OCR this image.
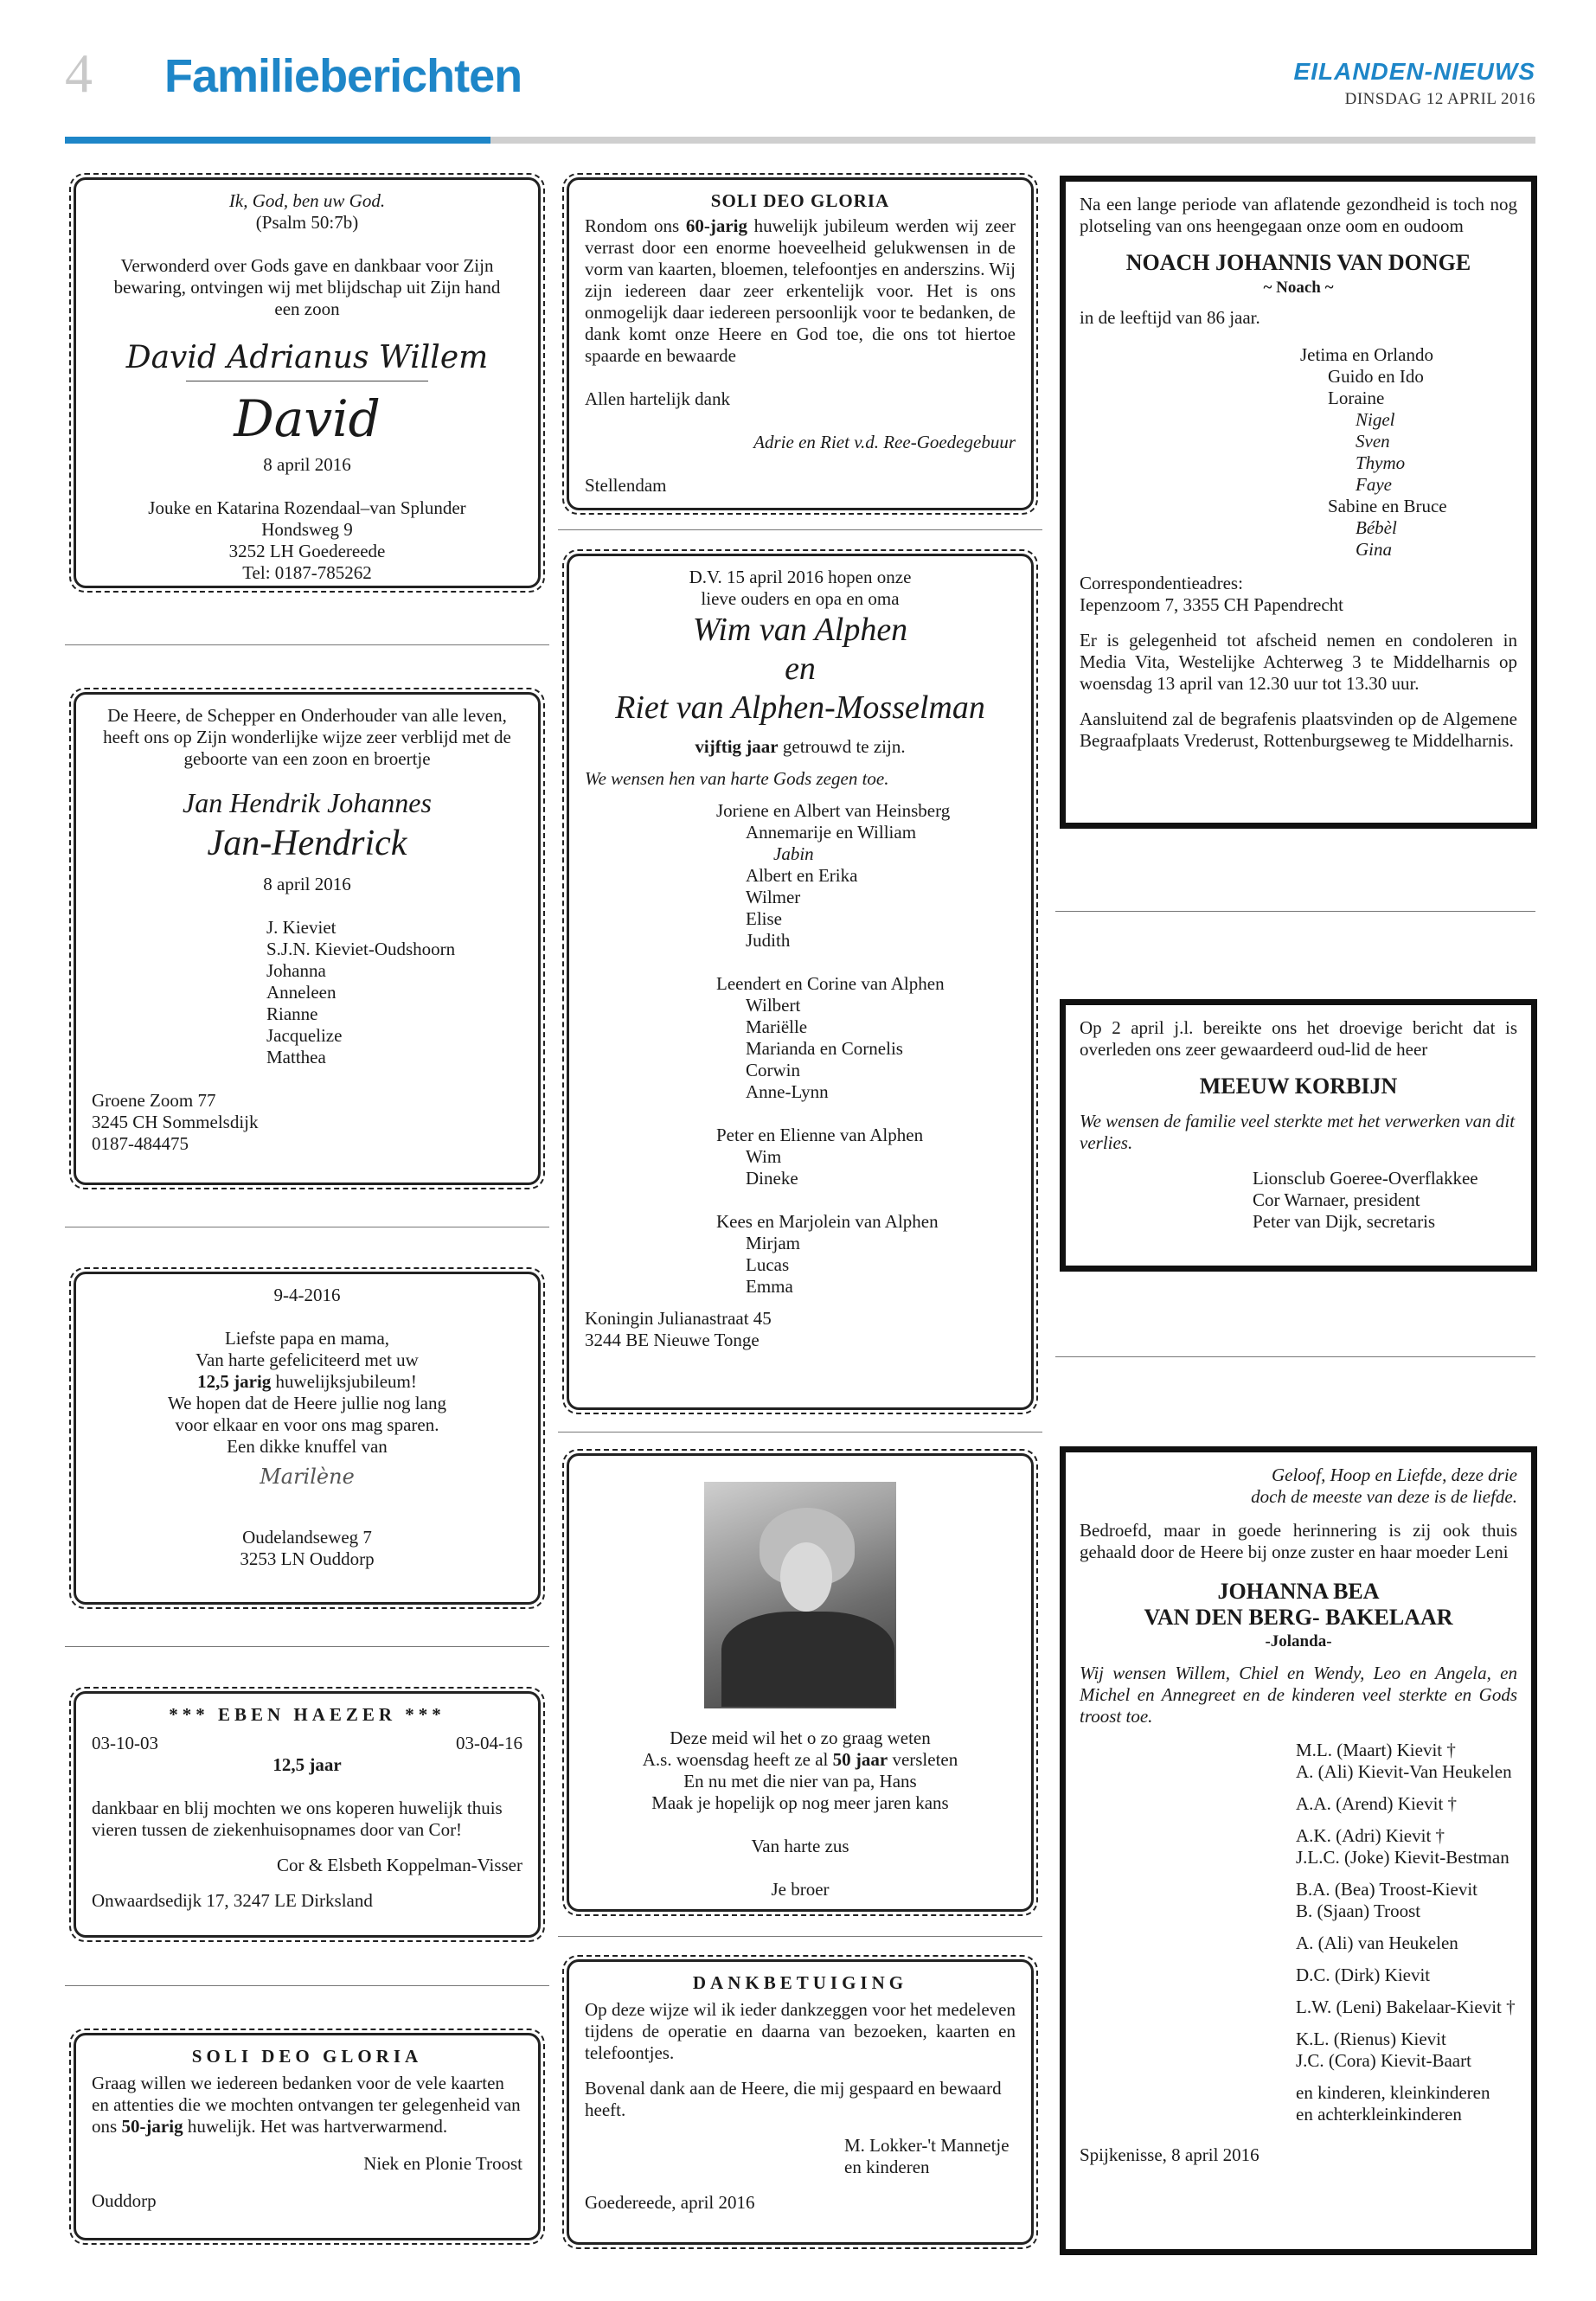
4 Familieberichten	EILANDEN-NIEUWS
DINSDAG 12 APRIL 2016

Ik, God, ben uw God.

(Psalm 50:7b)

Verwonderd over Gods gave en dankbaar voor Zijn bewaring, ontvingen wij met blijdschap uit Zijn hand een zoon

David Adrianus Willem

David

8 april 2016

Jouke en Katarina Rozendaal–van Splunder

Hondsweg 9

3252 LH Goedereede

Tel: 0187-785262

De Heere, de Schepper en Onderhouder van alle leven, heeft ons op Zijn wonderlijke wijze zeer verblijd met de geboorte van een zoon en broertje

Jan Hendrik Johannes

Jan-Hendrick

8 april 2016

J. Kieviet

S.J.N. Kieviet-Oudshoorn

Johanna

Anneleen

Rianne

Jacquelize

Matthea

Groene Zoom 77

3245 CH Sommelsdijk

0187-484475

9-4-2016

Liefste papa en mama,

Van harte gefeliciteerd met uw

12,5 jarig huwelijksjubileum!

We hopen dat de Heere jullie nog lang

voor elkaar en voor ons mag sparen.

Een dikke knuffel van

Marilène

Oudelandseweg 7

3253 LN Ouddorp

*** EBEN HAEZER ***

03-10-03	03-04-16

12,5 jaar

dankbaar en blij mochten we ons koperen huwelijk thuis vieren tussen de ziekenhuisopnames door van Cor!

Cor & Elsbeth Koppelman-Visser

Onwaardsedijk 17, 3247 LE Dirksland

SOLI DEO GLORIA

Graag willen we iedereen bedanken voor de vele kaarten en attenties die we mochten ontvangen ter gelegenheid van ons 50-jarig huwelijk. Het was hartverwarmend.

Niek en Plonie Troost

Ouddorp

SOLI DEO GLORIA

Rondom ons 60-jarig huwelijk jubileum werden wij zeer verrast door een enorme hoeveelheid gelukwensen in de vorm van kaarten, bloemen, telefoontjes en anderszins. Wij zijn iedereen daar zeer erkentelijk voor. Het is ons onmogelijk daar iedereen persoonlijk voor te bedanken, de dank komt onze Heere en God toe, die ons tot hiertoe spaarde en bewaarde

Allen hartelijk dank

Adrie en Riet v.d. Ree-Goedegebuur

Stellendam

D.V. 15 april 2016 hopen onze

lieve ouders en opa en oma

Wim van Alphen

en

Riet van Alphen-Mosselman

vijftig jaar getrouwd te zijn.

We wensen hen van harte Gods zegen toe.

Joriene en Albert van Heinsberg

Annemarije en William

Jabin

Albert en Erika

Wilmer

Elise

Judith

Leendert en Corine van Alphen

Wilbert

Mariëlle

Marianda en Cornelis

Corwin

Anne-Lynn

Peter en Elienne van Alphen

Wim

Dineke

Kees en Marjolein van Alphen

Mirjam

Lucas

Emma

Koningin Julianastraat 45

3244 BE Nieuwe Tonge

Deze meid wil het o zo graag weten

A.s. woensdag heeft ze al 50 jaar versleten

En nu met die nier van pa, Hans

Maak je hopelijk op nog meer jaren kans

Van harte zus

Je broer

DANKBETUIGING

Op deze wijze wil ik ieder dankzeggen voor het medeleven tijdens de operatie en daarna van bezoeken, kaarten en telefoontjes.

Bovenal dank aan de Heere, die mij gespaard en bewaard heeft.

M. Lokker-'t Mannetje

en kinderen

Goedereede, april 2016

Na een lange periode van aflatende gezondheid is toch nog plotseling van ons heengegaan onze oom en oudoom

NOACH JOHANNIS VAN DONGE

~ Noach ~

in de leeftijd van 86 jaar.

Jetima en Orlando

Guido en Ido

Loraine

Nigel

Sven

Thymo

Faye

Sabine en Bruce

Bébèl

Gina

Correspondentieadres:

Iepenzoom 7, 3355 CH Papendrecht

Er is gelegenheid tot afscheid nemen en condoleren in Media Vita, Westelijke Achterweg 3 te Middelharnis op woensdag 13 april van 12.30 uur tot 13.30 uur.

Aansluitend zal de begrafenis plaatsvinden op de Algemene Begraafplaats Vrederust, Rottenburgseweg te Middelharnis.

Op 2 april j.l. bereikte ons het droevige bericht dat is overleden ons zeer gewaardeerd oud-lid de heer

MEEUW KORBIJN

We wensen de familie veel sterkte met het verwerken van dit verlies.

Lionsclub Goeree-Overflakkee

Cor Warnaer, president

Peter van Dijk, secretaris

Geloof, Hoop en Liefde, deze drie

doch de meeste van deze is de liefde.

Bedroefd, maar in goede herinnering is zij ook thuis gehaald door de Heere bij onze zuster en haar moeder Leni

JOHANNA BEA

VAN DEN BERG- BAKELAAR

-Jolanda-

Wij wensen Willem, Chiel en Wendy, Leo en Angela, en Michel en Annegreet en de kinderen veel sterkte en Gods troost toe.

M.L. (Maart) Kievit †

A. (Ali) Kievit-Van Heukelen

A.A. (Arend) Kievit †

A.K. (Adri) Kievit †

J.L.C. (Joke) Kievit-Bestman

B.A. (Bea) Troost-Kievit

B. (Sjaan) Troost

A. (Ali) van Heukelen

D.C. (Dirk) Kievit

L.W. (Leni) Bakelaar-Kievit †

K.L. (Rienus) Kievit

J.C. (Cora) Kievit-Baart

en kinderen, kleinkinderen

en achterkleinkinderen

Spijkenisse, 8 april 2016
